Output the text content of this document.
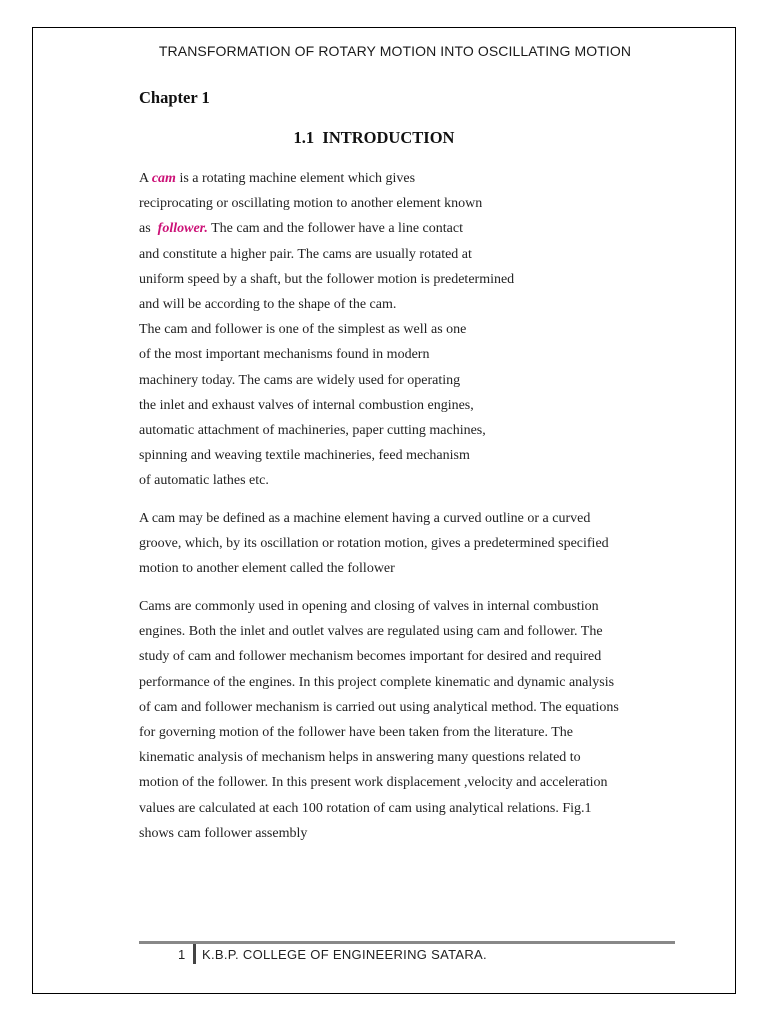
TRANSFORMATION OF ROTARY MOTION INTO OSCILLATING MOTION
Chapter 1
1.1  INTRODUCTION
A cam is a rotating machine element which gives
reciprocating or oscillating motion to another element known
as  follower. The cam and the follower have a line contact
and constitute a higher pair. The cams are usually rotated at
uniform speed by a shaft, but the follower motion is predetermined
and will be according to the shape of the cam.
The cam and follower is one of the simplest as well as one
of the most important mechanisms found in modern
machinery today. The cams are widely used for operating
the inlet and exhaust valves of internal combustion engines,
automatic attachment of machineries, paper cutting machines,
spinning and weaving textile machineries, feed mechanism
of automatic lathes etc.
A cam may be defined as a machine element having a curved outline or a curved
groove, which, by its oscillation or rotation motion, gives a predetermined specified
motion to another element called the follower
Cams are commonly used in opening and closing of valves in internal combustion
engines. Both the inlet and outlet valves are regulated using cam and follower. The
study of cam and follower mechanism becomes important for desired and required
performance of the engines. In this project complete kinematic and dynamic analysis
of cam and follower mechanism is carried out using analytical method. The equations
for governing motion of the follower have been taken from the literature. The
kinematic analysis of mechanism helps in answering many questions related to
motion of the follower. In this present work displacement ,velocity and acceleration
values are calculated at each 100 rotation of cam using analytical relations. Fig.1
shows cam follower assembly
1 K.B.P. COLLEGE OF ENGINEERING SATARA.
